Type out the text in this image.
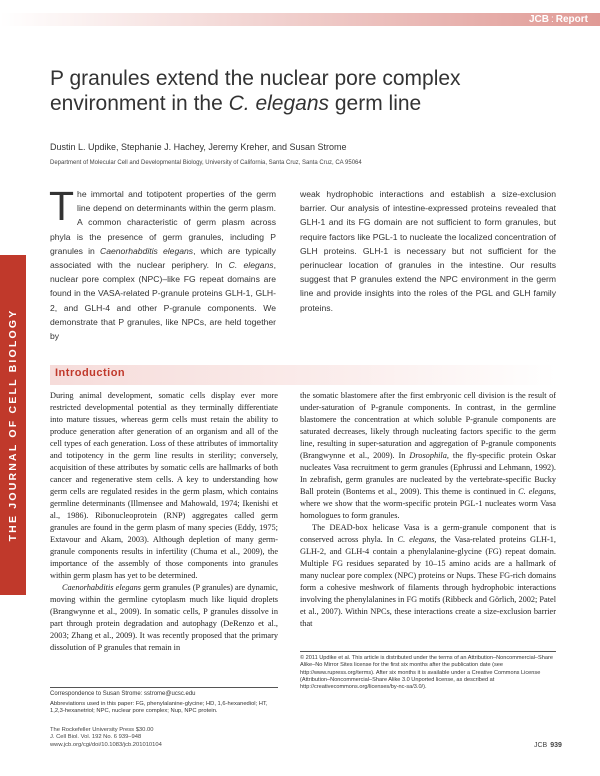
JCB : Report
THE JOURNAL OF CELL BIOLOGY
P granules extend the nuclear pore complex
environment in the C. elegans germ line
Dustin L. Updike, Stephanie J. Hachey, Jeremy Kreher, and Susan Strome
Department of Molecular Cell and Developmental Biology, University of California, Santa Cruz, Santa Cruz, CA 95064

The immortal and totipotent properties of the germ line depend on determinants within the germ plasm. A common characteristic of germ plasm across phyla is the presence of germ granules, including P granules in Caenorhabditis elegans, which are typically associated with the nuclear periphery. In C. elegans, nuclear pore complex (NPC)–like FG repeat domains are found in the VASA-related P-granule proteins GLH-1, GLH-2, and GLH-4 and other P-granule components. We demonstrate that P granules, like NPCs, are held together by

weak hydrophobic interactions and establish a size-exclusion barrier. Our analysis of intestine-expressed proteins revealed that GLH-1 and its FG domain are not sufficient to form granules, but require factors like PGL-1 to nucleate the localized concentration of GLH proteins. GLH-1 is necessary but not sufficient for the perinuclear location of granules in the intestine. Our results suggest that P granules extend the NPC environment in the germ line and provide insights into the roles of the PGL and GLH family proteins.

Introduction

During animal development, somatic cells display ever more restricted developmental potential as they terminally differentiate into mature tissues, whereas germ cells must retain the ability to produce generation after generation of an organism and all of the cell types of each generation. Loss of these attributes of immortality and totipotency in the germ line results in sterility; conversely, acquisition of these attributes by somatic cells are hallmarks of both cancer and regenerative stem cells. A key to understanding how germ cells are regulated resides in the germ plasm, which contains germline determinants (Illmensee and Mahowald, 1974; Ikenishi et al., 1986). Ribonucleoprotein (RNP) aggregates called germ granules are found in the germ plasm of many species (Eddy, 1975; Extavour and Akam, 2003). Although depletion of many germ-granule components results in infertility (Chuma et al., 2009), the importance of the assembly of those components into granules within germ plasm has yet to be determined.

Caenorhabditis elegans germ granules (P granules) are dynamic, moving within the germline cytoplasm much like liquid droplets (Brangwynne et al., 2009). In somatic cells, P granules dissolve in part through protein degradation and autophagy (DeRenzo et al., 2003; Zhang et al., 2009). It was recently proposed that the primary dissolution of P granules that remain in

the somatic blastomere after the first embryonic cell division is the result of under-saturation of P-granule components. In contrast, in the germline blastomere the concentration at which soluble P-granule components are saturated decreases, likely through nucleating factors specific to the germ line, resulting in super-saturation and aggregation of P-granule components (Brangwynne et al., 2009). In Drosophila, the fly-specific protein Oskar nucleates Vasa recruitment to germ granules (Ephrussi and Lehmann, 1992). In zebrafish, germ granules are nucleated by the vertebrate-specific Bucky Ball protein (Bontems et al., 2009). This theme is continued in C. elegans, where we show that the worm-specific protein PGL-1 nucleates worm Vasa homologues to form granules.

The DEAD-box helicase Vasa is a germ-granule component that is conserved across phyla. In C. elegans, the Vasa-related proteins GLH-1, GLH-2, and GLH-4 contain a phenylalanine-glycine (FG) repeat domain. Multiple FG residues separated by 10–15 amino acids are a hallmark of many nuclear pore complex (NPC) proteins or Nups. These FG-rich domains form a cohesive meshwork of filaments through hydrophobic interactions involving the phenylalanines in FG motifs (Ribbeck and Görlich, 2002; Patel et al., 2007). Within NPCs, these interactions create a size-exclusion barrier that

Correspondence to Susan Strome: sstrome@ucsc.edu

Abbreviations used in this paper: FG, phenylalanine-glycine; HD, 1,6-hexanediol; HT, 1,2,3-hexanetriol; NPC, nuclear pore complex; Nup, NPC protein.

© 2011 Updike et al. This article is distributed under the terms of an Attribution–Noncommercial–Share Alike–No Mirror Sites license for the first six months after the publication date (see http://www.rupress.org/terms). After six months it is available under a Creative Commons License (Attribution–Noncommercial–Share Alike 3.0 Unported license, as described at http://creativecommons.org/licenses/by-nc-sa/3.0/).

The Rockefeller University Press $30.00
J. Cell Biol. Vol. 192 No. 6 939–948
www.jcb.org/cgi/doi/10.1083/jcb.201010104	JCB 939
